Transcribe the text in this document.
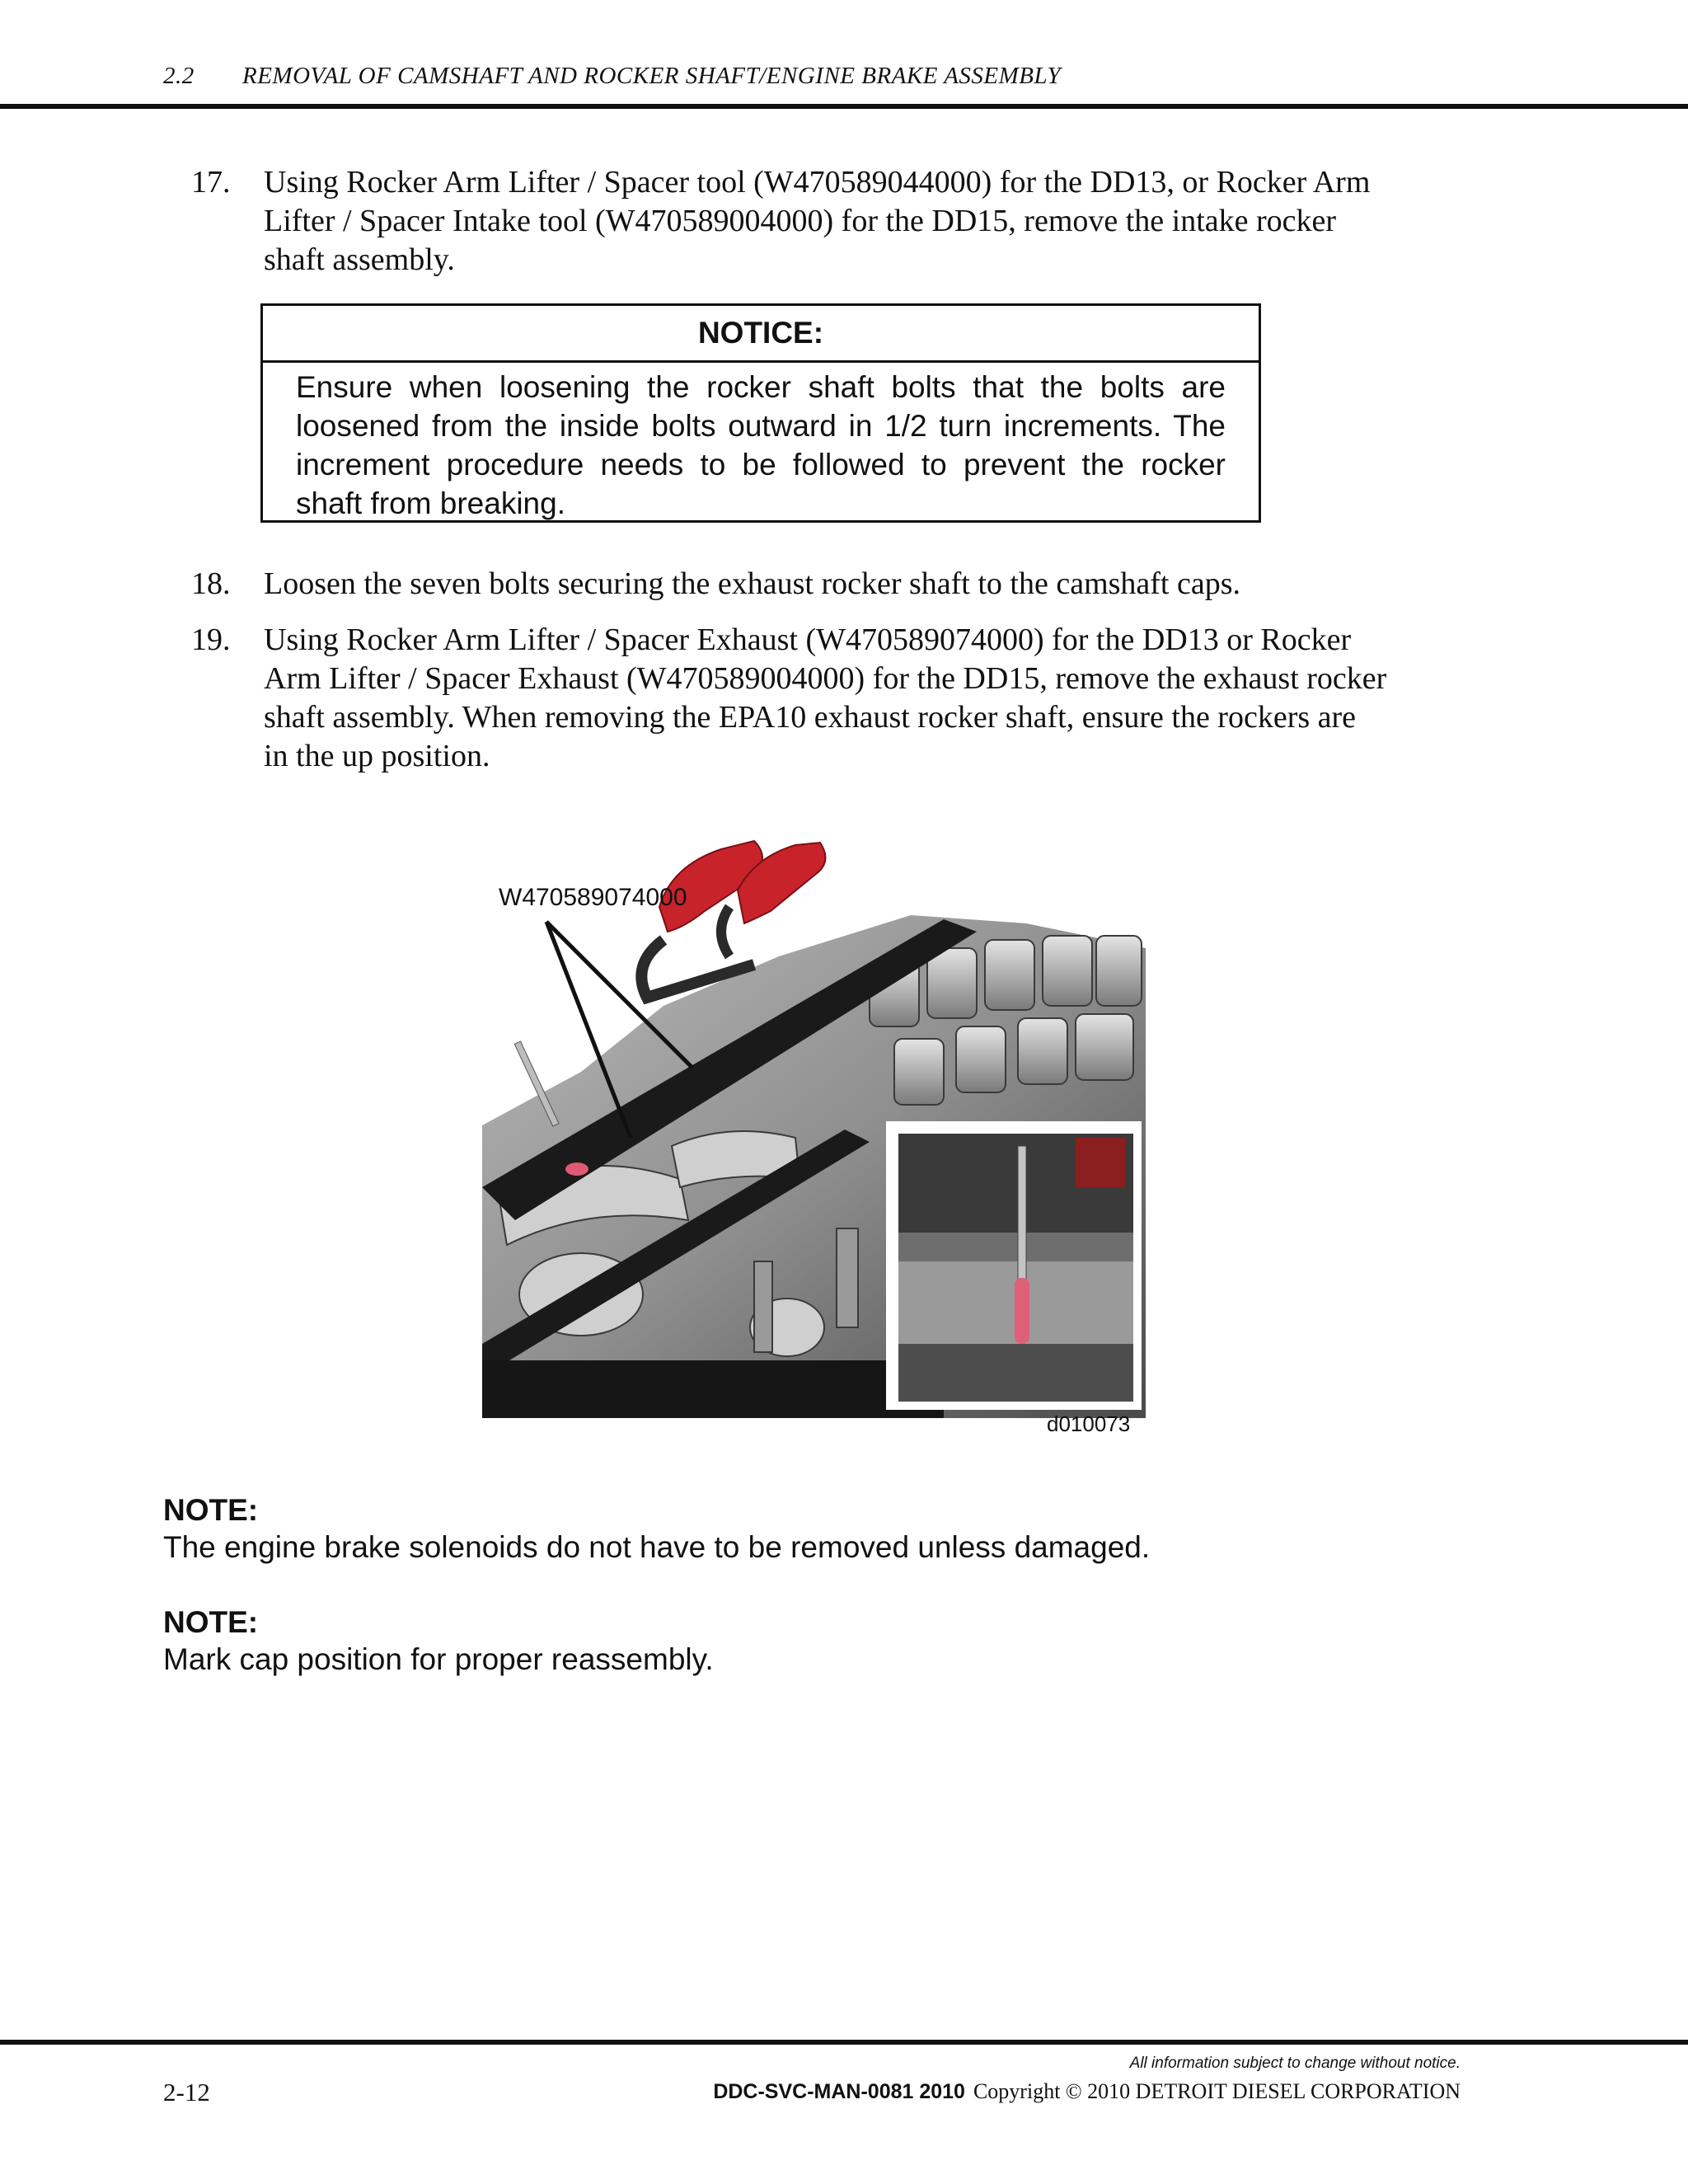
2.2 REMOVAL OF CAMSHAFT AND ROCKER SHAFT/ENGINE BRAKE ASSEMBLY
17.	Using Rocker Arm Lifter / Spacer tool (W470589044000) for the DD13, or Rocker Arm
Lifter / Spacer Intake tool (W470589004000) for the DD15, remove the intake rocker
shaft assembly.
NOTICE:
Ensure when loosening the rocker shaft bolts that the bolts are loosened from the inside bolts outward in 1/2 turn increments. The increment procedure needs to be followed to prevent the rocker shaft from breaking.
18.	Loosen the seven bolts securing the exhaust rocker shaft to the camshaft caps.
19.	Using Rocker Arm Lifter / Spacer Exhaust (W470589074000) for the DD13 or Rocker
Arm Lifter / Spacer Exhaust (W470589004000) for the DD15, remove the exhaust rocker
shaft assembly. When removing the EPA10 exhaust rocker shaft, ensure the rockers are
in the up position.
W470589074000
d010073
NOTE:
The engine brake solenoids do not have to be removed unless damaged.
NOTE:
Mark cap position for proper reassembly.
All information subject to change without notice.
2-12	DDC-SVC-MAN-0081 2010 Copyright © 2010 DETROIT DIESEL CORPORATION
